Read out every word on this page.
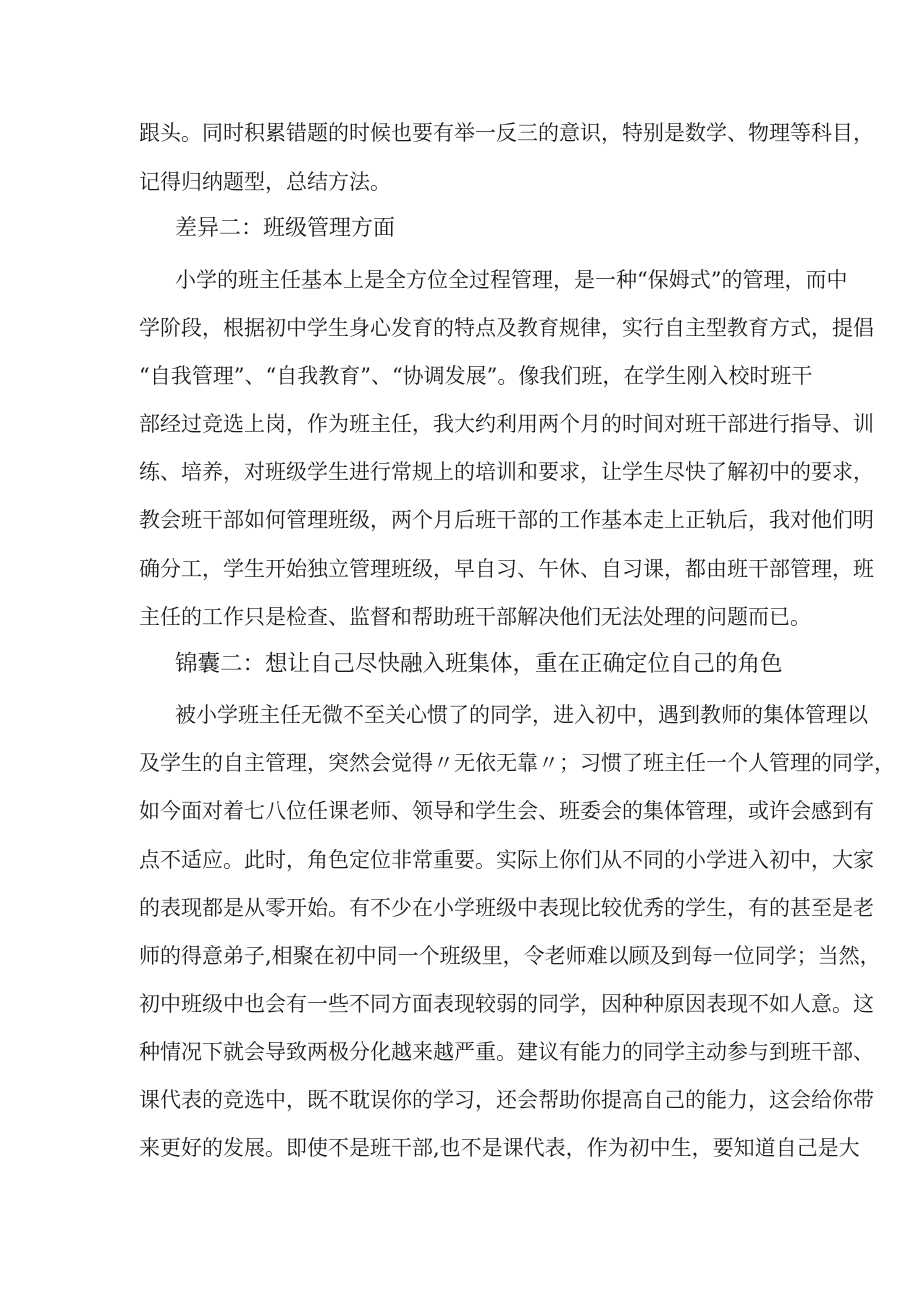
跟头。同时积累错题的时候也要有举一反三的意识，特别是数学、物理等科目，
记得归纳题型，总结方法。
差异二：班级管理方面
小学的班主任基本上是全方位全过程管理，是一种“保姆式”的管理，而中
学阶段，根据初中学生身心发育的特点及教育规律，实行自主型教育方式，提倡
“自我管理”、“自我教育”、“协调发展”。像我们班，在学生刚入校时班干
部经过竞选上岗，作为班主任，我大约利用两个月的时间对班干部进行指导、训
练、培养，对班级学生进行常规上的培训和要求，让学生尽快了解初中的要求，
教会班干部如何管理班级，两个月后班干部的工作基本走上正轨后，我对他们明
确分工，学生开始独立管理班级，早自习、午休、自习课，都由班干部管理，班
主任的工作只是检查、监督和帮助班干部解决他们无法处理的问题而已。
锦囊二：想让自己尽快融入班集体，重在正确定位自己的角色
被小学班主任无微不至关心惯了的同学，进入初中，遇到教师的集体管理以
及学生的自主管理，突然会觉得〃无依无靠〃；习惯了班主任一个人管理的同学，
如今面对着七八位任课老师、领导和学生会、班委会的集体管理，或许会感到有
点不适应。此时，角色定位非常重要。实际上你们从不同的小学进入初中，大家
的表现都是从零开始。有不少在小学班级中表现比较优秀的学生，有的甚至是老
师的得意弟子,相聚在初中同一个班级里，令老师难以顾及到每一位同学；当然，
初中班级中也会有一些不同方面表现较弱的同学，因种种原因表现不如人意。这
种情况下就会导致两极分化越来越严重。建议有能力的同学主动参与到班干部、
课代表的竞选中，既不耽误你的学习，还会帮助你提高自己的能力，这会给你带
来更好的发展。即使不是班干部,也不是课代表，作为初中生，要知道自己是大
